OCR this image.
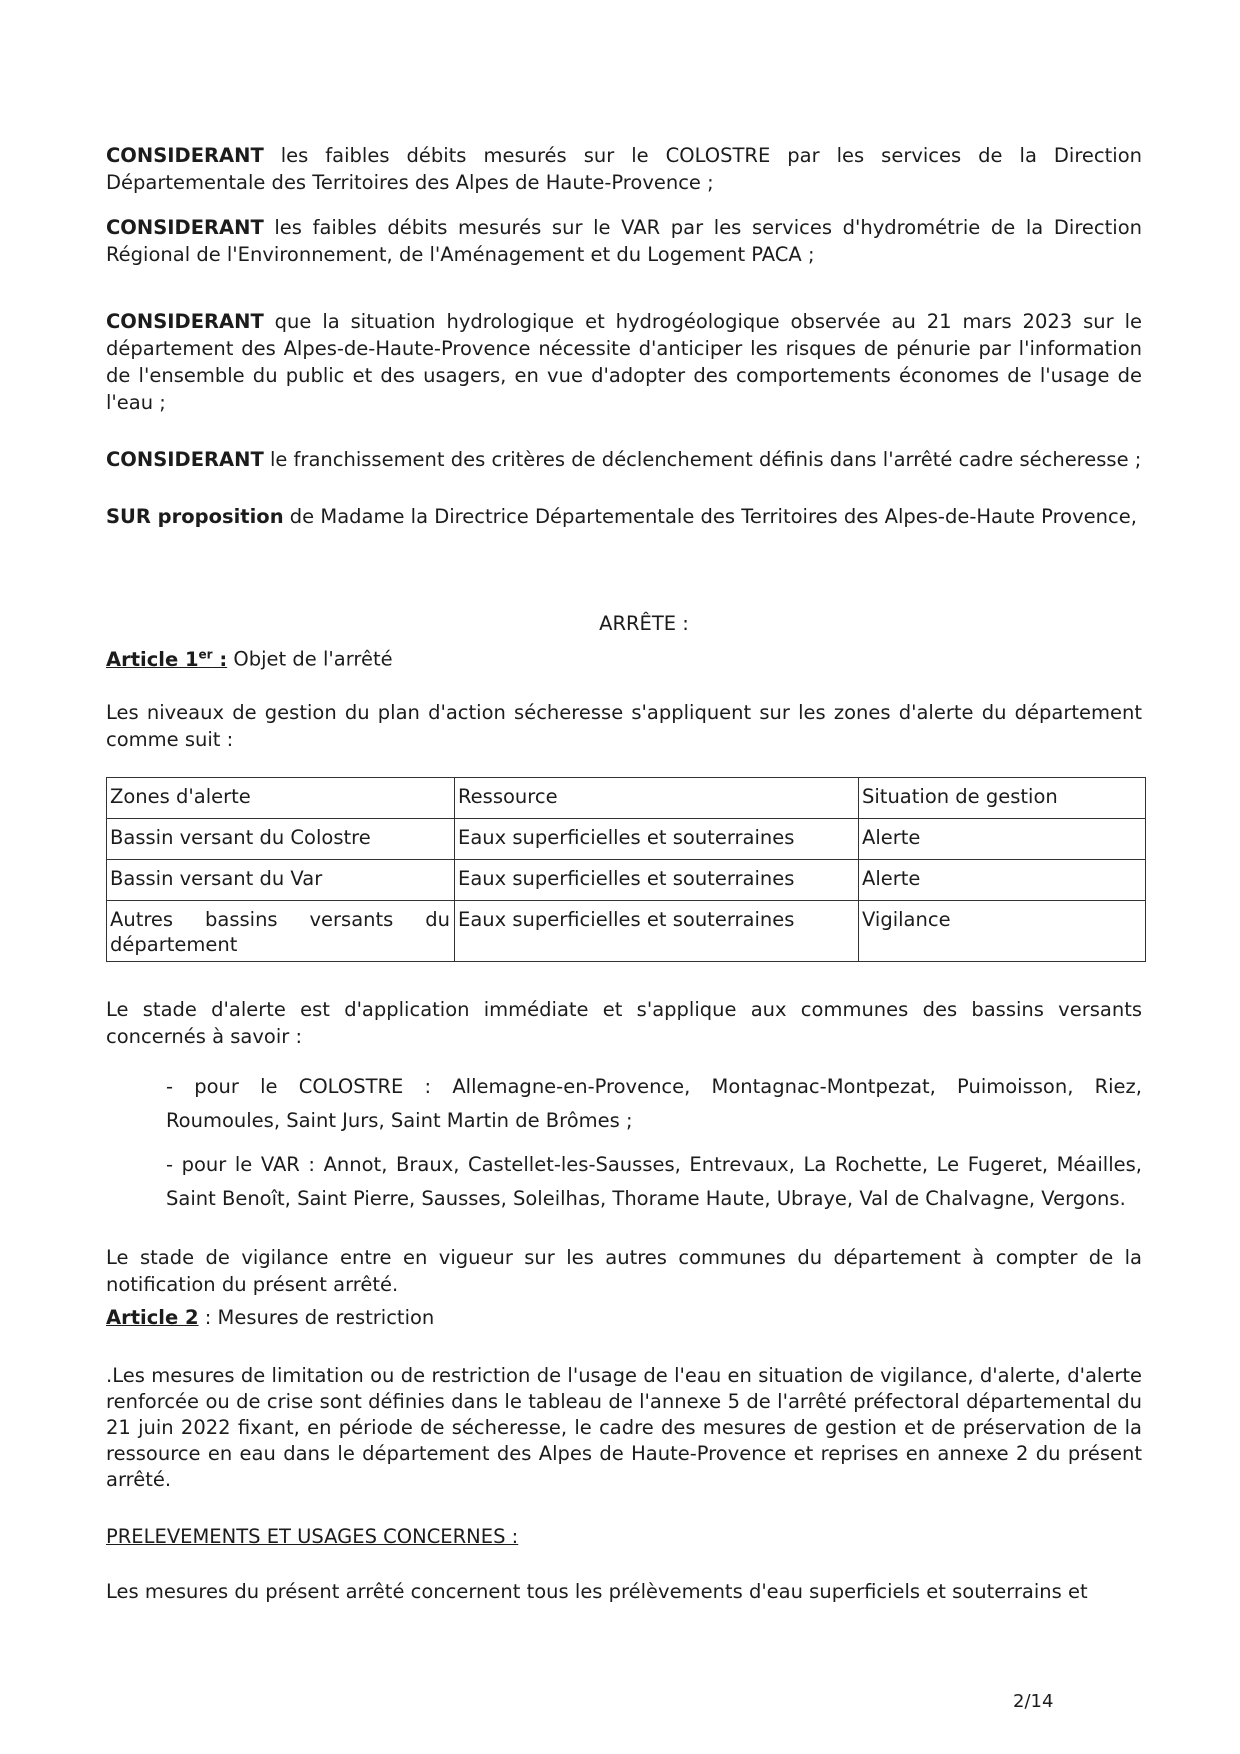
CONSIDERANT les faibles débits mesurés sur le COLOSTRE par les services de la Direction Départementale des Territoires des Alpes de Haute-Provence ;

CONSIDERANT les faibles débits mesurés sur le VAR par les services d'hydrométrie de la Direction Régional de l'Environnement, de l'Aménagement et du Logement PACA ;

CONSIDERANT que la situation hydrologique et hydrogéologique observée au 21 mars 2023 sur le département des Alpes-de-Haute-Provence nécessite d'anticiper les risques de pénurie par l'information de l'ensemble du public et des usagers, en vue d'adopter des comportements économes de l'usage de l'eau ;

CONSIDERANT le franchissement des critères de déclenchement définis dans l'arrêté cadre sécheresse ;

SUR proposition de Madame la Directrice Départementale des Territoires des Alpes-de-Haute Provence,

ARRÊTE :

Article 1er : Objet de l'arrêté

Les niveaux de gestion du plan d'action sécheresse s'appliquent sur les zones d'alerte du département comme suit :

Zones d'alerte	Ressource	Situation de gestion
Bassin versant du Colostre	Eaux superficielles et souterraines	Alerte
Bassin versant du Var	Eaux superficielles et souterraines	Alerte
Autres bassins versants du département	Eaux superficielles et souterraines	Vigilance

Le stade d'alerte est d'application immédiate et s'applique aux communes des bassins versants concernés à savoir :

- pour le COLOSTRE : Allemagne-en-Provence, Montagnac-Montpezat, Puimoisson, Riez, Roumoules, Saint Jurs, Saint Martin de Brômes ;

- pour le VAR : Annot, Braux, Castellet-les-Sausses, Entrevaux, La Rochette, Le Fugeret, Méailles, Saint Benoît, Saint Pierre, Sausses, Soleilhas, Thorame Haute, Ubraye, Val de Chalvagne, Vergons.

Le stade de vigilance entre en vigueur sur les autres communes du département à compter de la notification du présent arrêté.

Article 2 : Mesures de restriction

.Les mesures de limitation ou de restriction de l'usage de l'eau en situation de vigilance, d'alerte, d'alerte renforcée ou de crise sont définies dans le tableau de l'annexe 5 de l'arrêté préfectoral départemental du 21 juin 2022 fixant, en période de sécheresse, le cadre des mesures de gestion et de préservation de la ressource en eau dans le département des Alpes de Haute-Provence et reprises en annexe 2 du présent arrêté.

PRELEVEMENTS ET USAGES CONCERNES :

Les mesures du présent arrêté concernent tous les prélèvements d'eau superficiels et souterrains et

2/14
